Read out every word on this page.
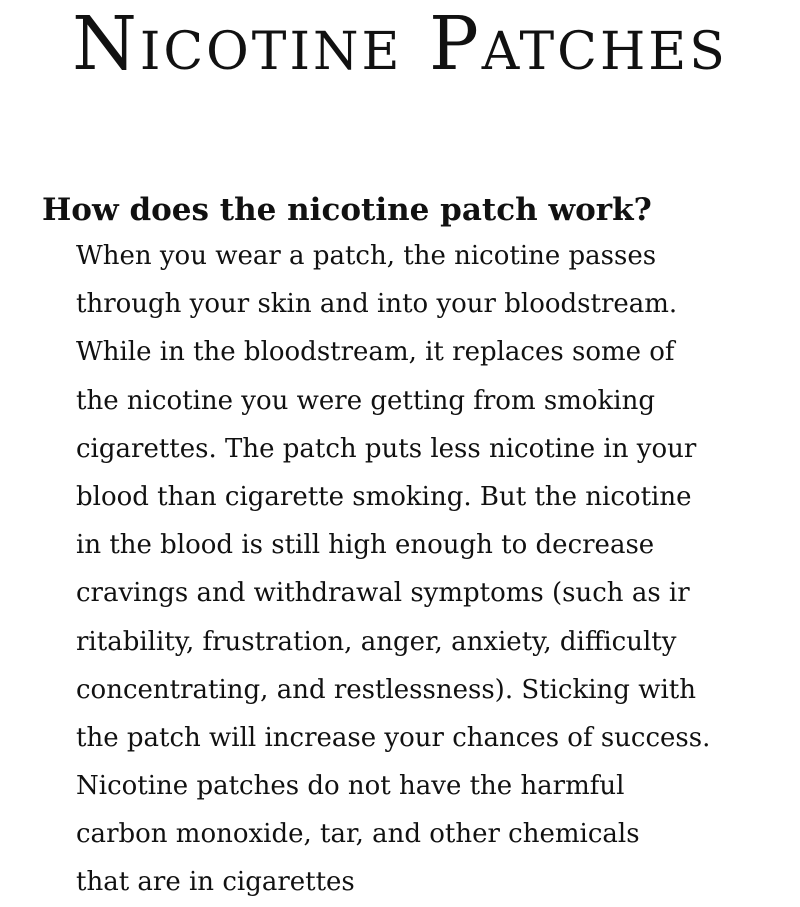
Nicotine Patches
How does the nicotine patch work?
When you wear a patch, the nicotine passes
through your skin and into your bloodstream.
While in the bloodstream, it replaces some of
the nicotine you were getting from smoking
cigarettes. The patch puts less nicotine in your
blood than cigarette smoking. But the nicotine
in the blood is still high enough to decrease
cravings and withdrawal symptoms (such as ir
ritability, frustration, anger, anxiety, difficulty
concentrating, and restlessness). Sticking with
the patch will increase your chances of success.
Nicotine patches do not have the harmful
carbon monoxide, tar, and other chemicals
that are in cigarettes
